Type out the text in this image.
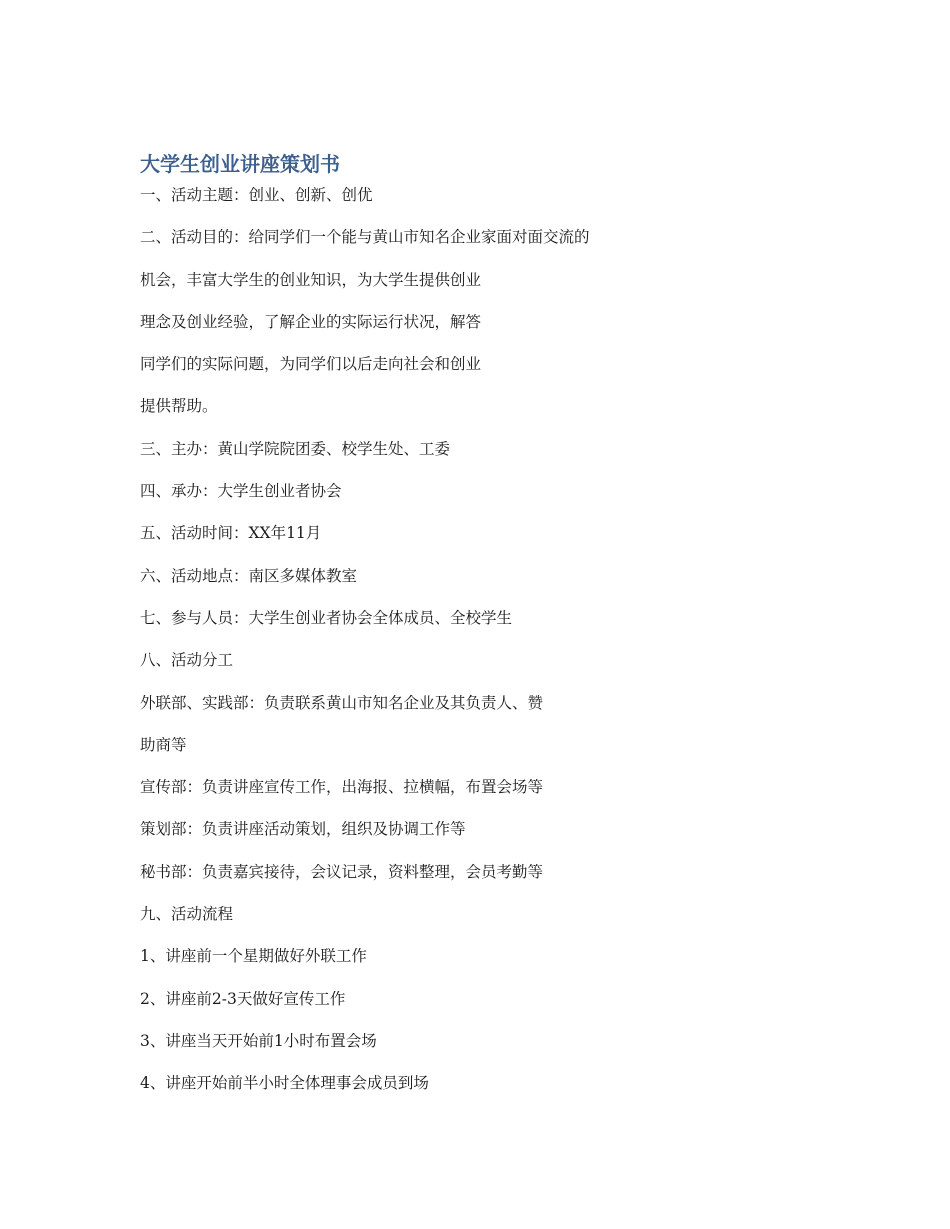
大学生创业讲座策划书
一、活动主题：创业、创新、创优
二、活动目的：给同学们一个能与黄山市知名企业家面对面交流的
机会，丰富大学生的创业知识，为大学生提供创业
理念及创业经验，了解企业的实际运行状况，解答
同学们的实际问题，为同学们以后走向社会和创业
提供帮助。
三、主办：黄山学院院团委、校学生处、工委
四、承办：大学生创业者协会
五、活动时间：XX年11月
六、活动地点：南区多媒体教室
七、参与人员：大学生创业者协会全体成员、全校学生
八、活动分工
外联部、实践部：负责联系黄山市知名企业及其负责人、赞
助商等
宣传部：负责讲座宣传工作，出海报、拉横幅，布置会场等
策划部：负责讲座活动策划，组织及协调工作等
秘书部：负责嘉宾接待，会议记录，资料整理，会员考勤等
九、活动流程
1、讲座前一个星期做好外联工作
2、讲座前2-3天做好宣传工作
3、讲座当天开始前1小时布置会场
4、讲座开始前半小时全体理事会成员到场
